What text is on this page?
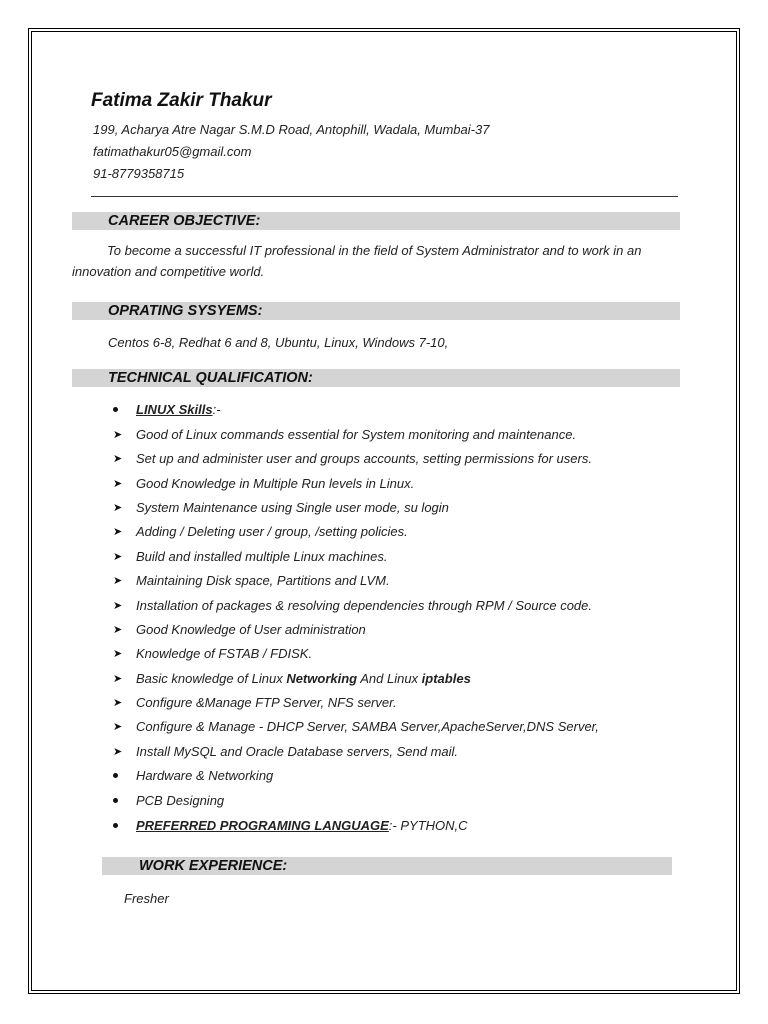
Fatima Zakir Thakur
199, Acharya Atre Nagar S.M.D Road, Antophill, Wadala, Mumbai-37
fatimathakur05@gmail.com
91-8779358715
CAREER OBJECTIVE:
To become a successful IT professional in the field of System Administrator and to work in an
innovation and competitive world.
OPRATING SYSYEMS:
Centos 6-8, Redhat 6 and 8, Ubuntu, Linux, Windows 7-10,
TECHNICAL QUALIFICATION:
LINUX Skills:-
➤	Good of Linux commands essential for System monitoring and maintenance.
➤	Set up and administer user and groups accounts, setting permissions for users.
➤	Good Knowledge in Multiple Run levels in Linux.
➤	System Maintenance using Single user mode, su login
➤	Adding / Deleting user / group, /setting policies.
➤	Build and installed multiple Linux machines.
➤	Maintaining Disk space, Partitions and LVM.
➤	Installation of packages & resolving dependencies through RPM / Source code.
➤	Good Knowledge of User administration
➤	Knowledge of FSTAB / FDISK.
➤	Basic knowledge of Linux Networking And Linux iptables
➤	Configure &Manage FTP Server, NFS server.
➤	Configure & Manage - DHCP Server, SAMBA Server,ApacheServer,DNS Server,
➤	Install MySQL and Oracle Database servers, Send mail.
Hardware & Networking
PCB Designing
PREFERRED PROGRAMING LANGUAGE:- PYTHON,C
WORK EXPERIENCE:
Fresher
